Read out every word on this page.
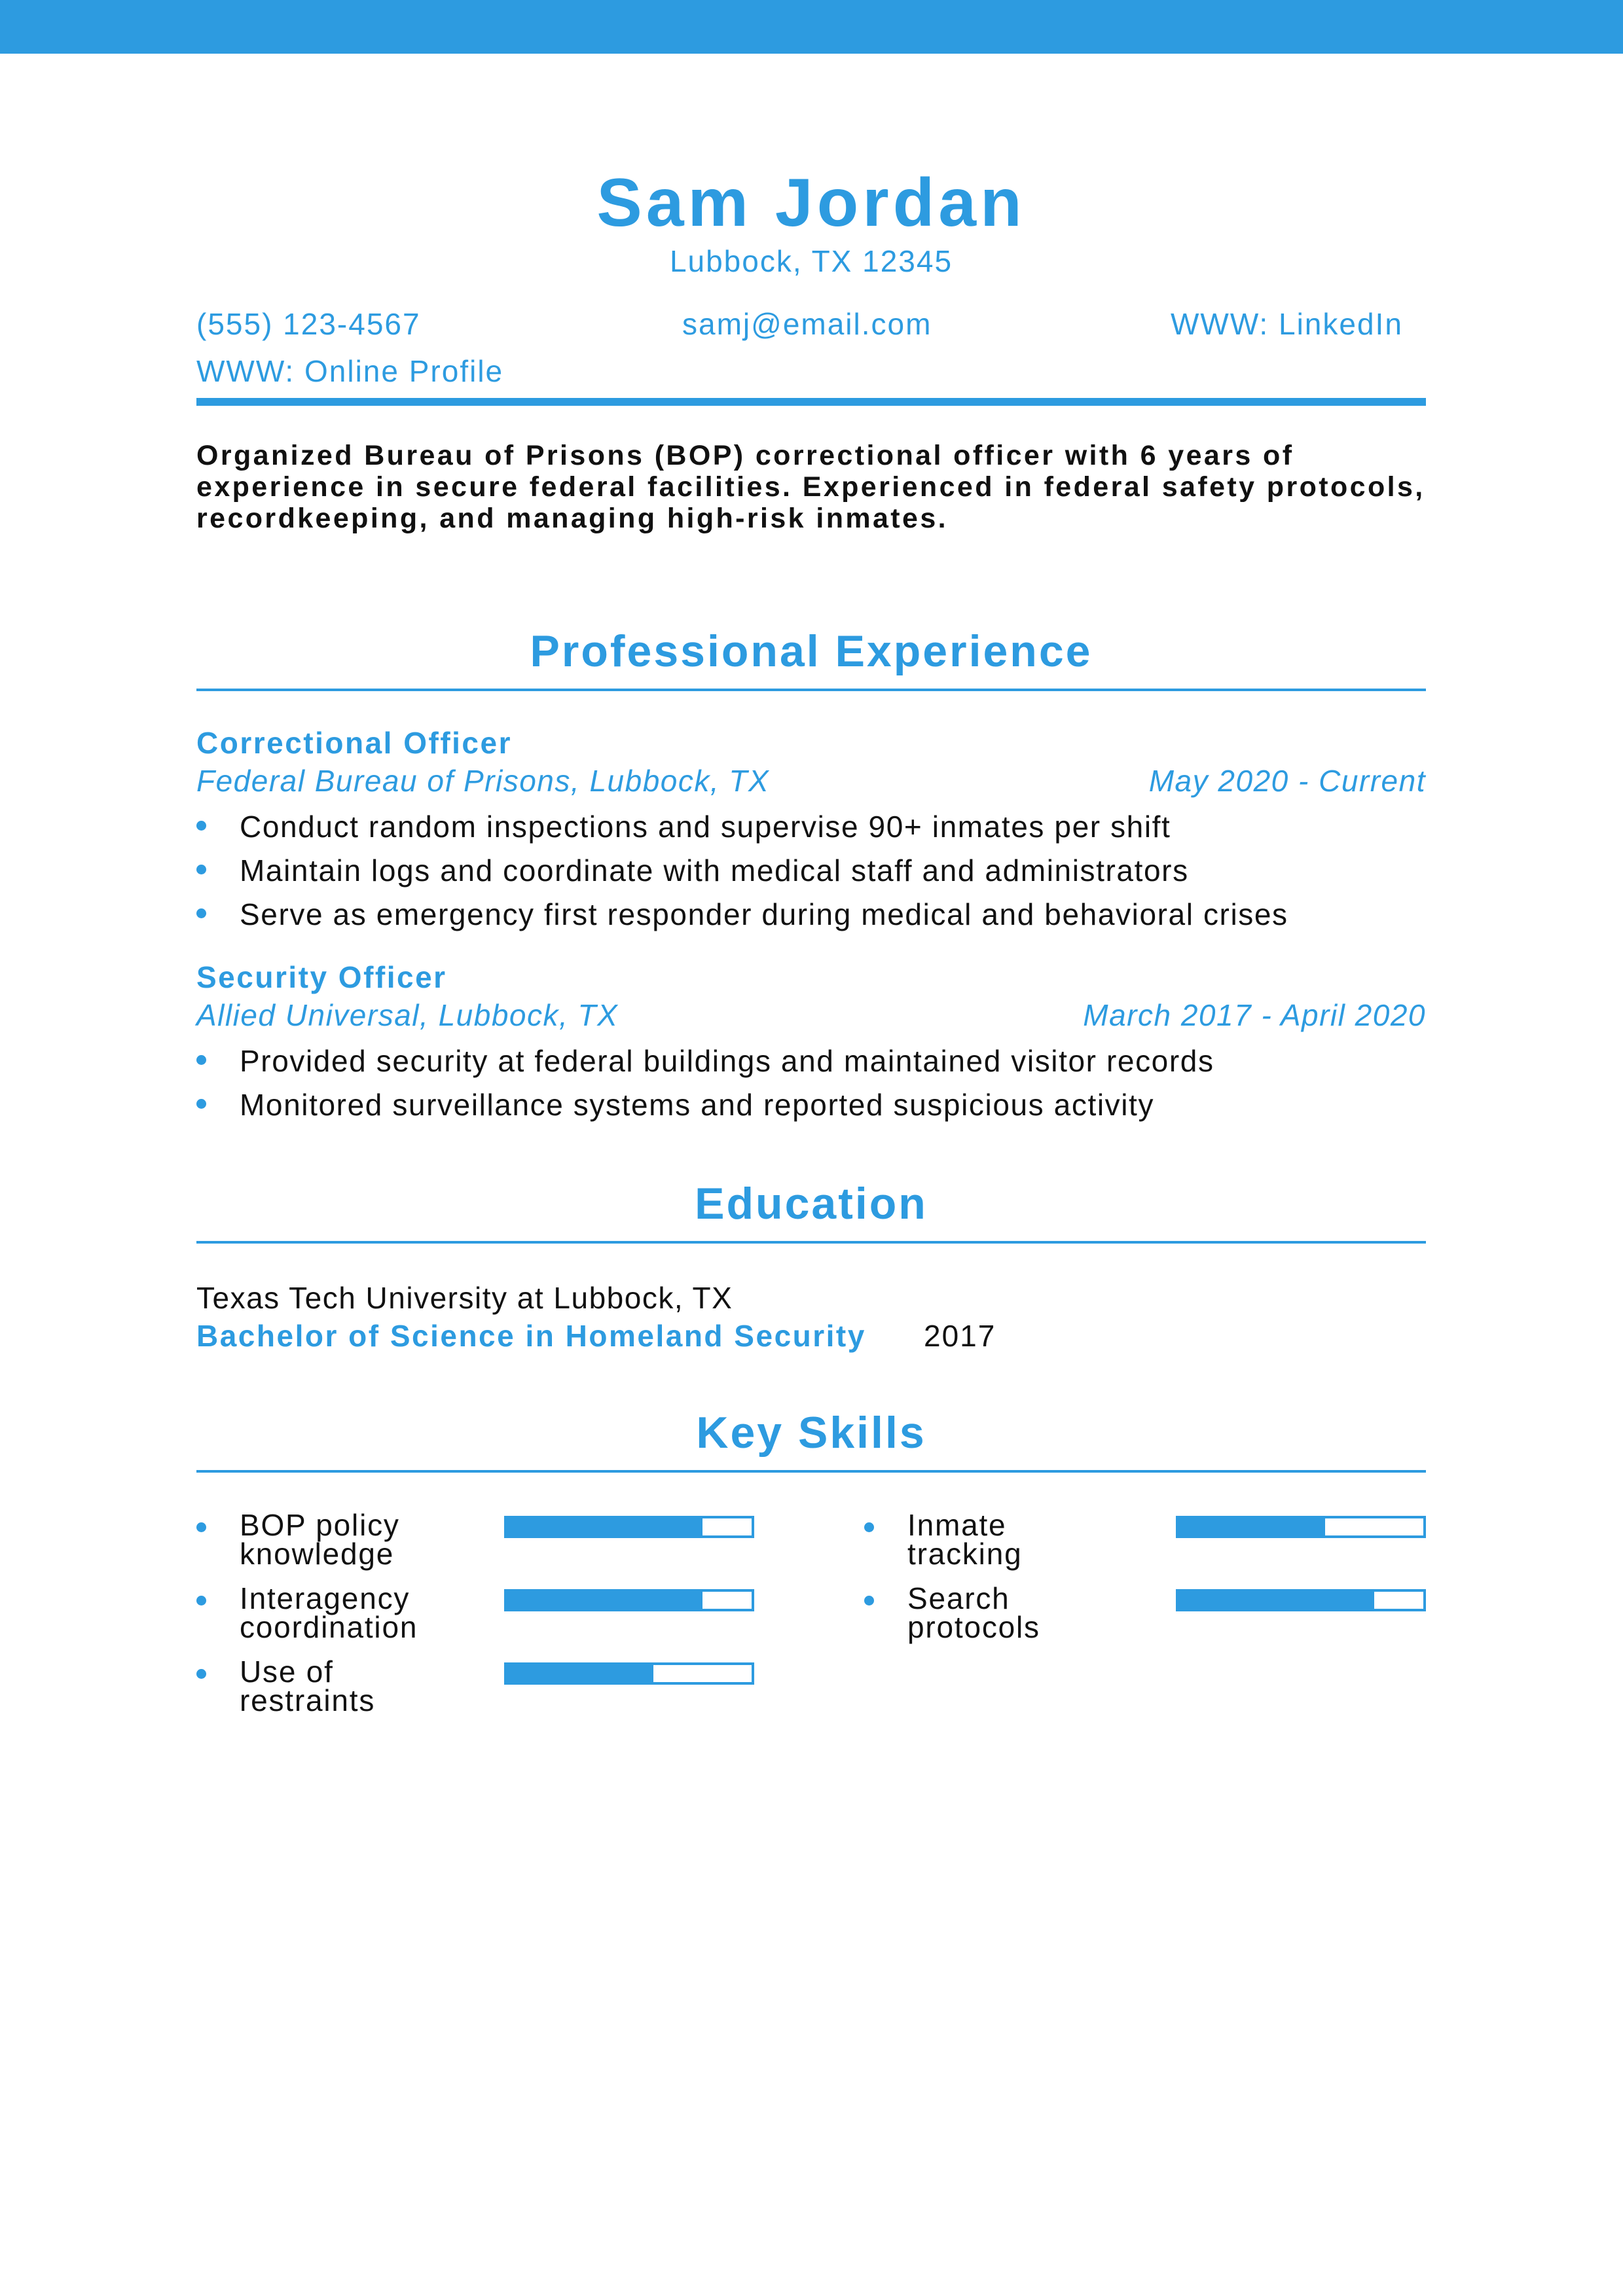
Sam Jordan
Lubbock, TX 12345
(555) 123-4567	samj@email.com	WWW: LinkedIn
WWW: Online Profile
Organized Bureau of Prisons (BOP) correctional officer with 6 years of experience in secure federal facilities. Experienced in federal safety protocols, recordkeeping, and managing high-risk inmates.
Professional Experience
Correctional Officer
Federal Bureau of Prisons, Lubbock, TX	May 2020 - Current
Conduct random inspections and supervise 90+ inmates per shift
Maintain logs and coordinate with medical staff and administrators
Serve as emergency first responder during medical and behavioral crises
Security Officer
Allied Universal, Lubbock, TX	March 2017 - April 2020
Provided security at federal buildings and maintained visitor records
Monitored surveillance systems and reported suspicious activity
Education
Texas Tech University at Lubbock, TX
Bachelor of Science in Homeland Security 2017
Key Skills
BOP policy knowledge
Inmate tracking
Interagency coordination
Search protocols
Use of restraints
